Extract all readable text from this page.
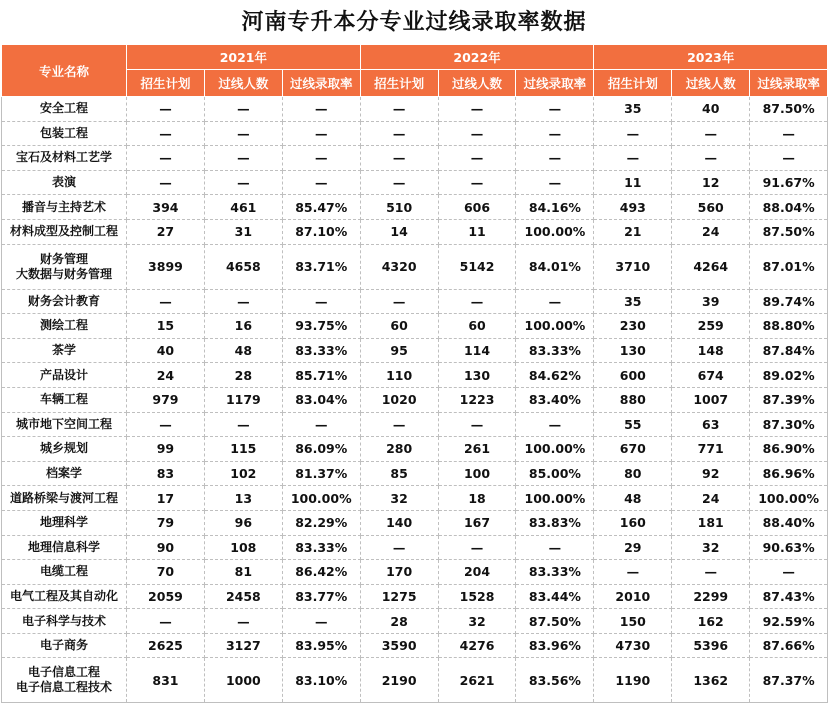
河南专升本分专业过线录取率数据
专业名称	2021年			2022年			2023年		
	招生计划	过线人数	过线录取率	招生计划	过线人数	过线录取率	招生计划	过线人数	过线录取率
安全工程	—	—	—	—	—	—	35	40	87.50%
包装工程	—	—	—	—	—	—	—	—	—
宝石及材料工艺学	—	—	—	—	—	—	—	—	—
表演	—	—	—	—	—	—	11	12	91.67%
播音与主持艺术	394	461	85.47%	510	606	84.16%	493	560	88.04%
材料成型及控制工程	27	31	87.10%	14	11	100.00%	21	24	87.50%
财务管理
大数据与财务管理	3899	4658	83.71%	4320	5142	84.01%	3710	4264	87.01%
财务会计教育	—	—	—	—	—	—	35	39	89.74%
测绘工程	15	16	93.75%	60	60	100.00%	230	259	88.80%
茶学	40	48	83.33%	95	114	83.33%	130	148	87.84%
产品设计	24	28	85.71%	110	130	84.62%	600	674	89.02%
车辆工程	979	1179	83.04%	1020	1223	83.40%	880	1007	87.39%
城市地下空间工程	—	—	—	—	—	—	55	63	87.30%
城乡规划	99	115	86.09%	280	261	100.00%	670	771	86.90%
档案学	83	102	81.37%	85	100	85.00%	80	92	86.96%
道路桥梁与渡河工程	17	13	100.00%	32	18	100.00%	48	24	100.00%
地理科学	79	96	82.29%	140	167	83.83%	160	181	88.40%
地理信息科学	90	108	83.33%	—	—	—	29	32	90.63%
电缆工程	70	81	86.42%	170	204	83.33%	—	—	—
电气工程及其自动化	2059	2458	83.77%	1275	1528	83.44%	2010	2299	87.43%
电子科学与技术	—	—	—	28	32	87.50%	150	162	92.59%
电子商务	2625	3127	83.95%	3590	4276	83.96%	4730	5396	87.66%
电子信息工程
电子信息工程技术	831	1000	83.10%	2190	2621	83.56%	1190	1362	87.37%
